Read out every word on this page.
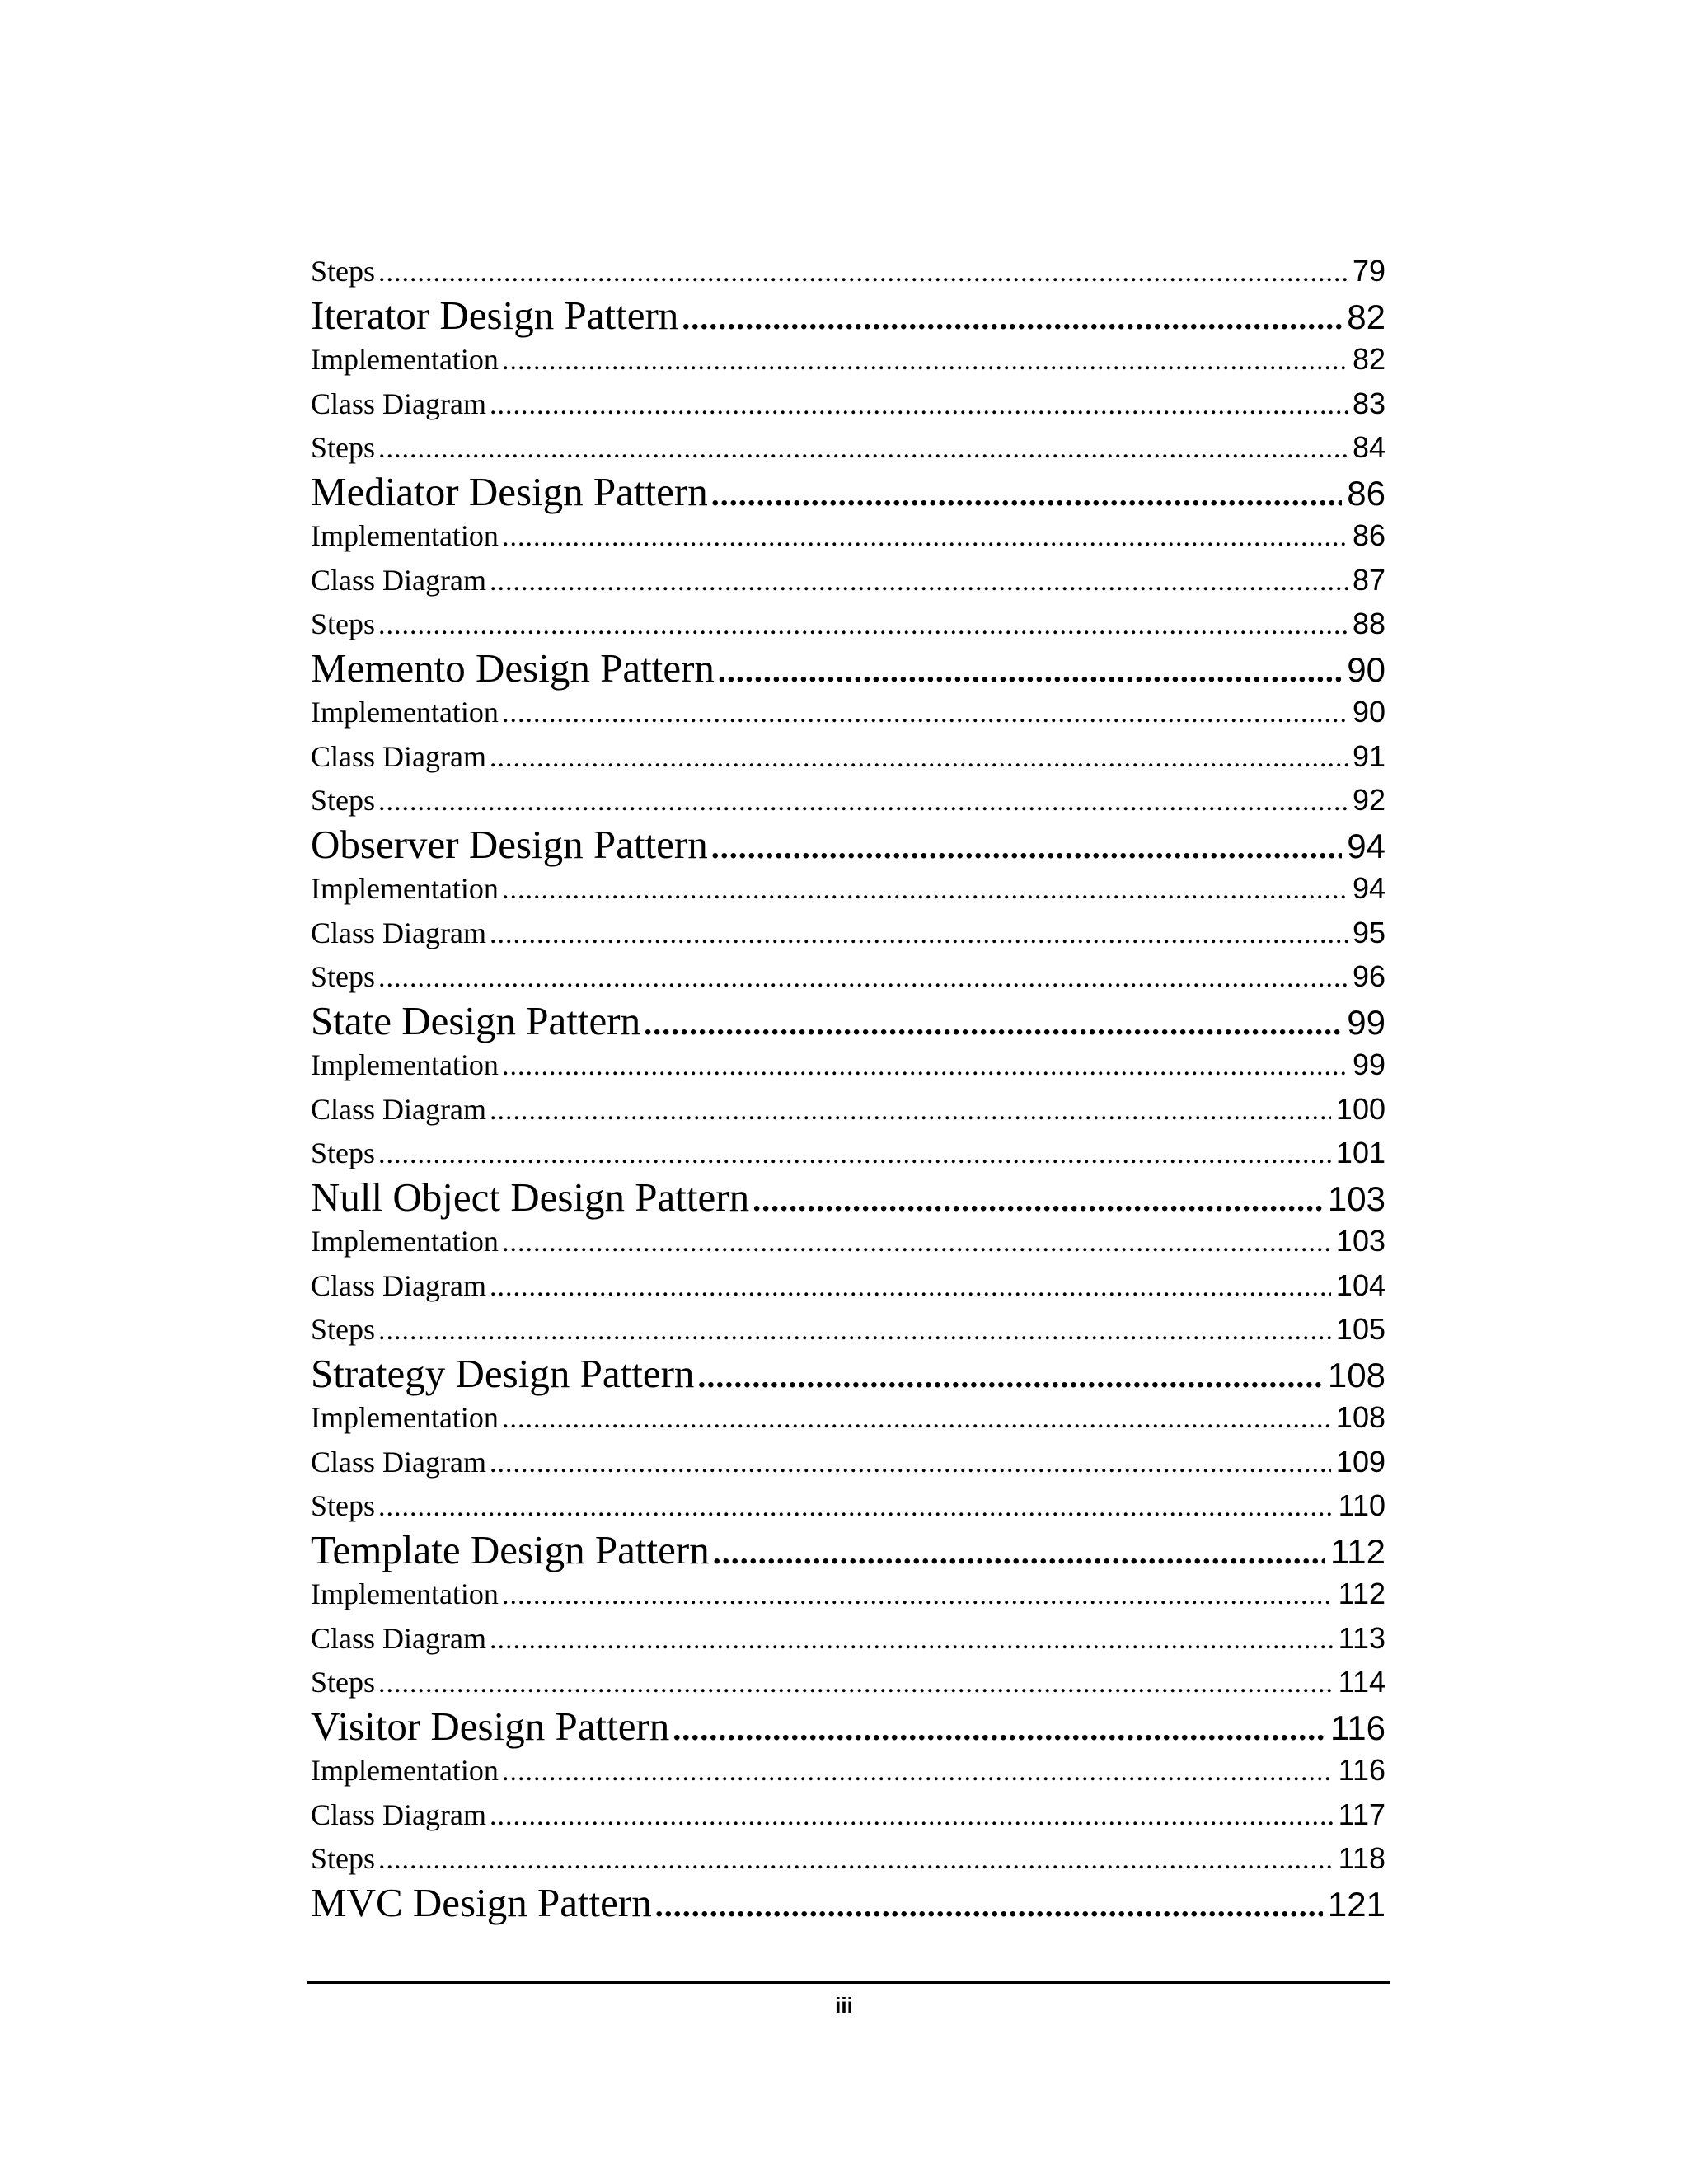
Steps .....	79
Iterator Design Pattern .....	82
Implementation .....	82
Class Diagram .....	83
Steps .....	84
Mediator Design Pattern .....	86
Implementation .....	86
Class Diagram .....	87
Steps .....	88
Memento Design Pattern .....	90
Implementation .....	90
Class Diagram .....	91
Steps .....	92
Observer Design Pattern .....	94
Implementation .....	94
Class Diagram .....	95
Steps .....	96
State Design Pattern .....	99
Implementation .....	99
Class Diagram .....	100
Steps .....	101
Null Object Design Pattern .....	103
Implementation .....	103
Class Diagram .....	104
Steps .....	105
Strategy Design Pattern .....	108
Implementation .....	108
Class Diagram .....	109
Steps .....	110
Template Design Pattern .....	112
Implementation .....	112
Class Diagram .....	113
Steps .....	114
Visitor Design Pattern .....	116
Implementation .....	116
Class Diagram .....	117
Steps .....	118
MVC Design Pattern .....	121
iii
